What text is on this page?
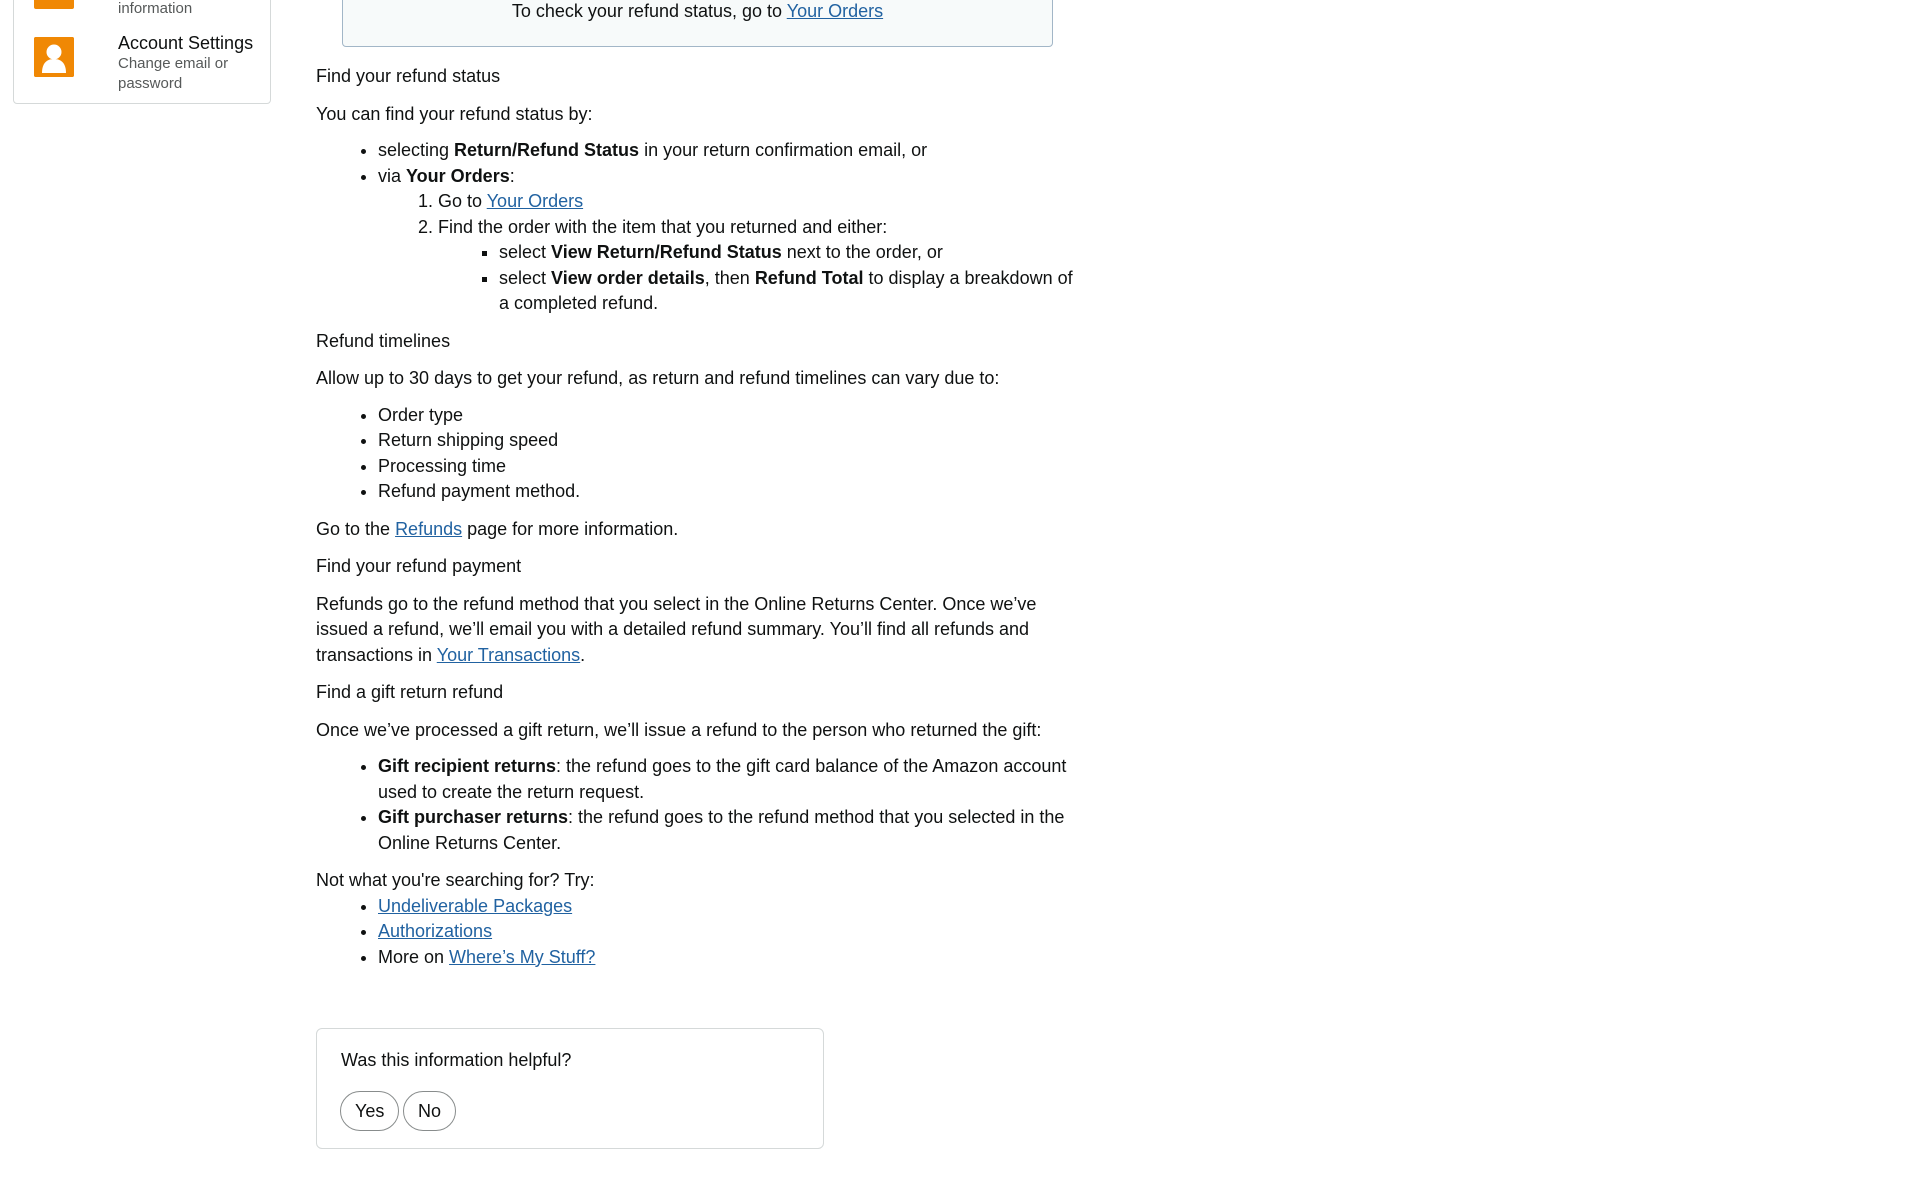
information
Account Settings
Change email or password

To check your refund status, go to Your Orders

Find your refund status

You can find your refund status by:

• selecting Return/Refund Status in your return confirmation email, or
• via Your Orders:
1. Go to Your Orders
2. Find the order with the item that you returned and either:
▪ select View Return/Refund Status next to the order, or
▪ select View order details, then Refund Total to display a breakdown of a completed refund.

Refund timelines

Allow up to 30 days to get your refund, as return and refund timelines can vary due to:

• Order type
• Return shipping speed
• Processing time
• Refund payment method.

Go to the Refunds page for more information.

Find your refund payment

Refunds go to the refund method that you select in the Online Returns Center. Once we’ve issued a refund, we’ll email you with a detailed refund summary. You’ll find all refunds and transactions in Your Transactions.

Find a gift return refund

Once we’ve processed a gift return, we’ll issue a refund to the person who returned the gift:

• Gift recipient returns: the refund goes to the gift card balance of the Amazon account used to create the return request.
• Gift purchaser returns: the refund goes to the refund method that you selected in the Online Returns Center.

Not what you're searching for? Try:

• Undeliverable Packages
• Authorizations
• More on Where’s My Stuff?
Was this information helpful?
Yes	No
